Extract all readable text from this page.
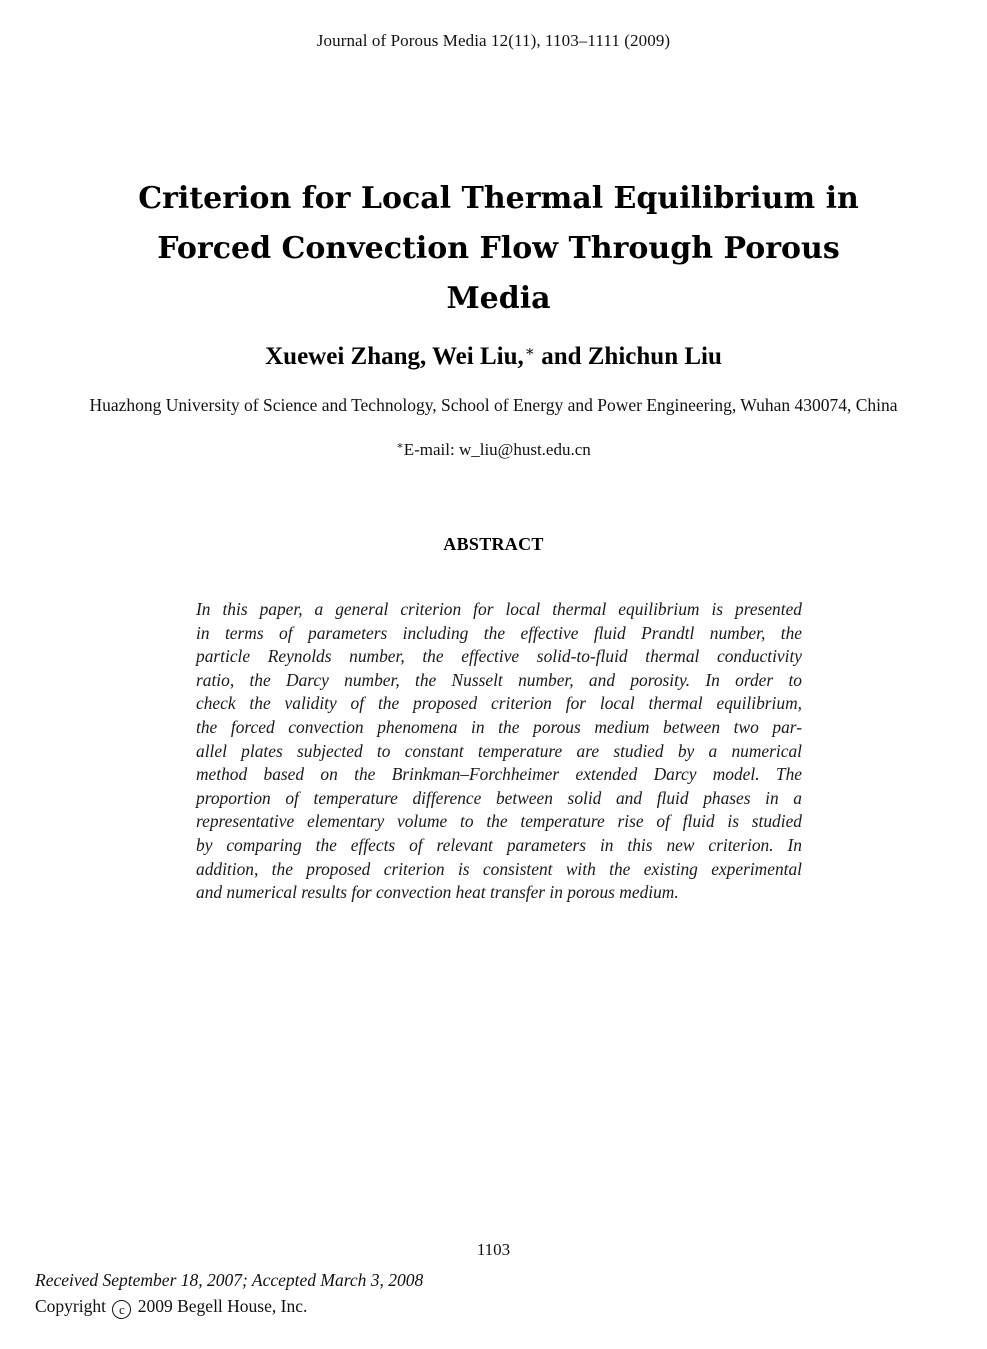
Journal of Porous Media 12(11), 1103–1111 (2009)
Criterion for Local Thermal Equilibrium in
Forced Convection Flow Through Porous
Media
Xuewei Zhang, Wei Liu,∗ and Zhichun Liu
Huazhong University of Science and Technology, School of Energy and Power Engineering, Wuhan 430074, China
∗E-mail: w_liu@hust.edu.cn
ABSTRACT
In this paper, a general criterion for local thermal equilibrium is presented
in terms of parameters including the effective fluid Prandtl number, the
particle Reynolds number, the effective solid-to-fluid thermal conductivity
ratio, the Darcy number, the Nusselt number, and porosity. In order to
check the validity of the proposed criterion for local thermal equilibrium,
the forced convection phenomena in the porous medium between two par-
allel plates subjected to constant temperature are studied by a numerical
method based on the Brinkman–Forchheimer extended Darcy model. The
proportion of temperature difference between solid and fluid phases in a
representative elementary volume to the temperature rise of fluid is studied
by comparing the effects of relevant parameters in this new criterion. In
addition, the proposed criterion is consistent with the existing experimental
and numerical results for convection heat transfer in porous medium.
1103
Received September 18, 2007; Accepted March 3, 2008
Copyright c 2009 Begell House, Inc.
